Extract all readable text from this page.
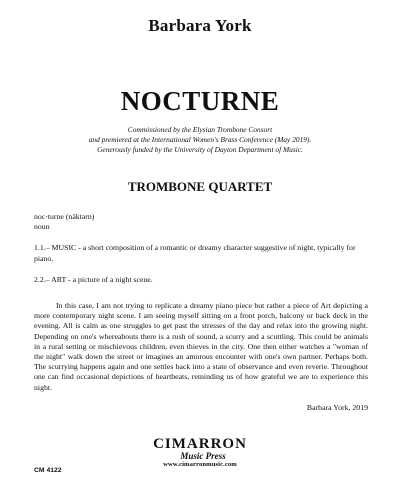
Barbara York
NOCTURNE
Commissioned by the Elysian Trombone Consort
and premiered at the International Women's Brass Conference (May 2019).
Generously funded by the University of Dayton Department of Music.
TROMBONE QUARTET

noc·turne (näktərn)

noun

1.1.– MUSIC - a short composition of a romantic or dreamy character suggestive of night, typically for piano.

2.2.– ART - a picture of a night scene.

In this case, I am not trying to replicate a dreamy piano piece but rather a piece of Art depicting a more contemporary night scene. I am seeing myself sitting on a front porch, balcony or back deck in the evening. All is calm as one struggles to get past the stresses of the day and relax into the growing night. Depending on one's whereabouts there is a rush of sound, a scurry and a scuttling. This could be animals in a rural setting or mischievous children, even thieves in the city. One then either watches a "woman of the night" walk down the street or imagines an amorous encounter with one's own partner. Perhaps both. The scurrying happens again and one settles back into a state of observance and even reverie. Throughout one can find occasional depictions of heartbeats, reminding us of how grateful we are to experience this night.

Barbara York, 2019

CIMARRON
Music Press
www.cimarronmusic.com
CM 4122
